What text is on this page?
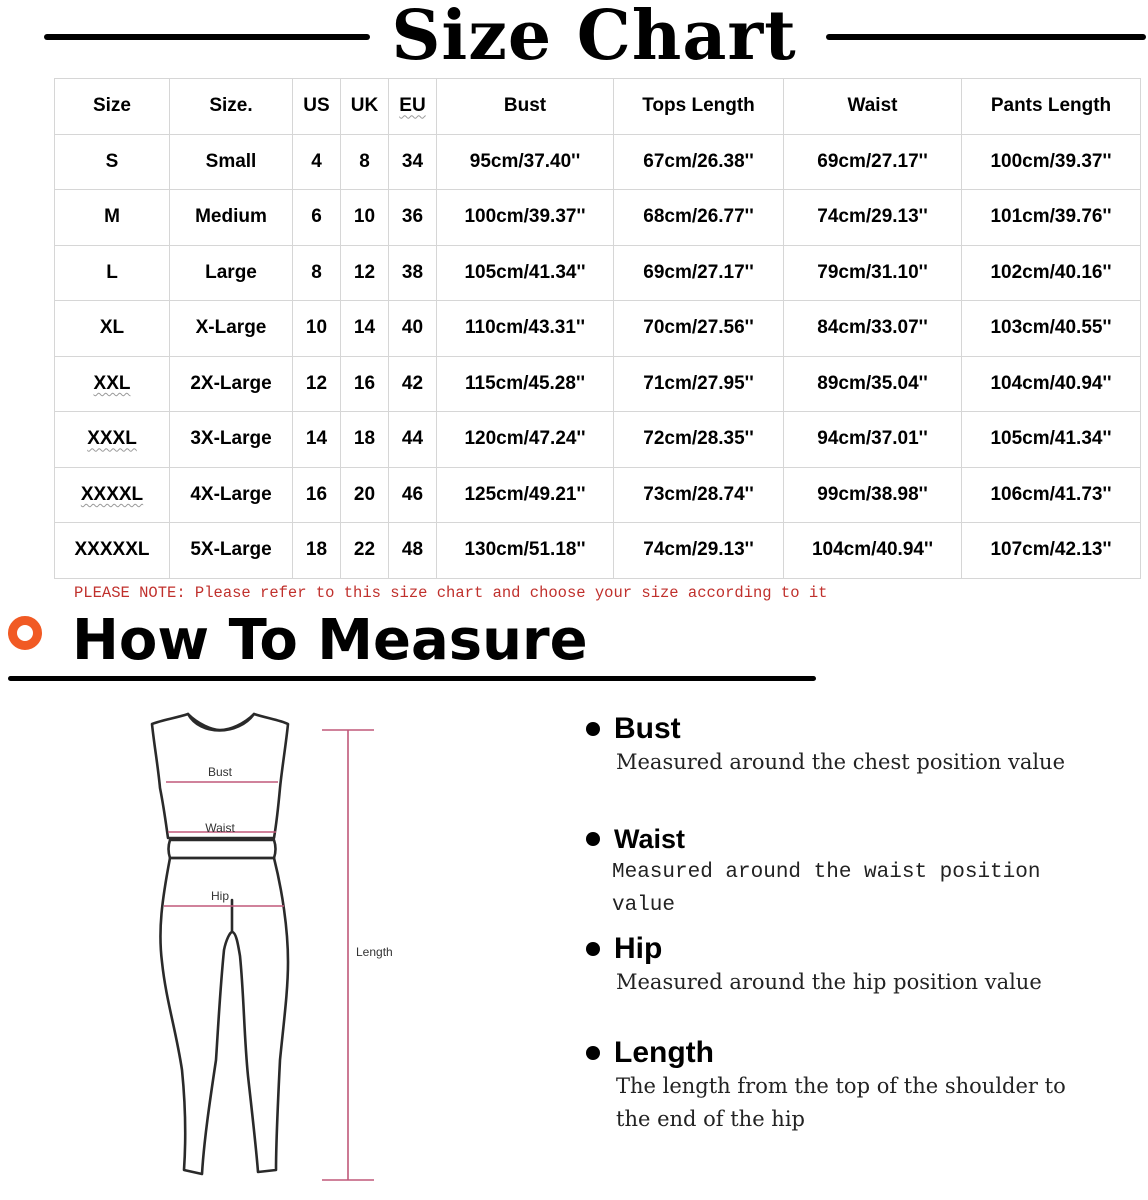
Size Chart
Size	Size.	US	UK	EU	Bust	Tops Length	Waist	Pants Length
S	Small	4	8	34	95cm/37.40''	67cm/26.38''	69cm/27.17''	100cm/39.37''
M	Medium	6	10	36	100cm/39.37''	68cm/26.77''	74cm/29.13''	101cm/39.76''
L	Large	8	12	38	105cm/41.34''	69cm/27.17''	79cm/31.10''	102cm/40.16''
XL	X-Large	10	14	40	110cm/43.31''	70cm/27.56''	84cm/33.07''	103cm/40.55''
XXL	2X-Large	12	16	42	115cm/45.28''	71cm/27.95''	89cm/35.04''	104cm/40.94''
XXXL	3X-Large	14	18	44	120cm/47.24''	72cm/28.35''	94cm/37.01''	105cm/41.34''
XXXXL	4X-Large	16	20	46	125cm/49.21''	73cm/28.74''	99cm/38.98''	106cm/41.73''
XXXXXL	5X-Large	18	22	48	130cm/51.18''	74cm/29.13''	104cm/40.94''	107cm/42.13''
PLEASE NOTE: Please refer to this size chart and choose your size according to it
How To Measure
Bust
Waist
Hip
Length
Bust
Measured around the chest position value
Waist
Measured around the waist position value
Hip
Measured around the hip position value
Length
The length from the top of the shoulder to
the end of the hip
